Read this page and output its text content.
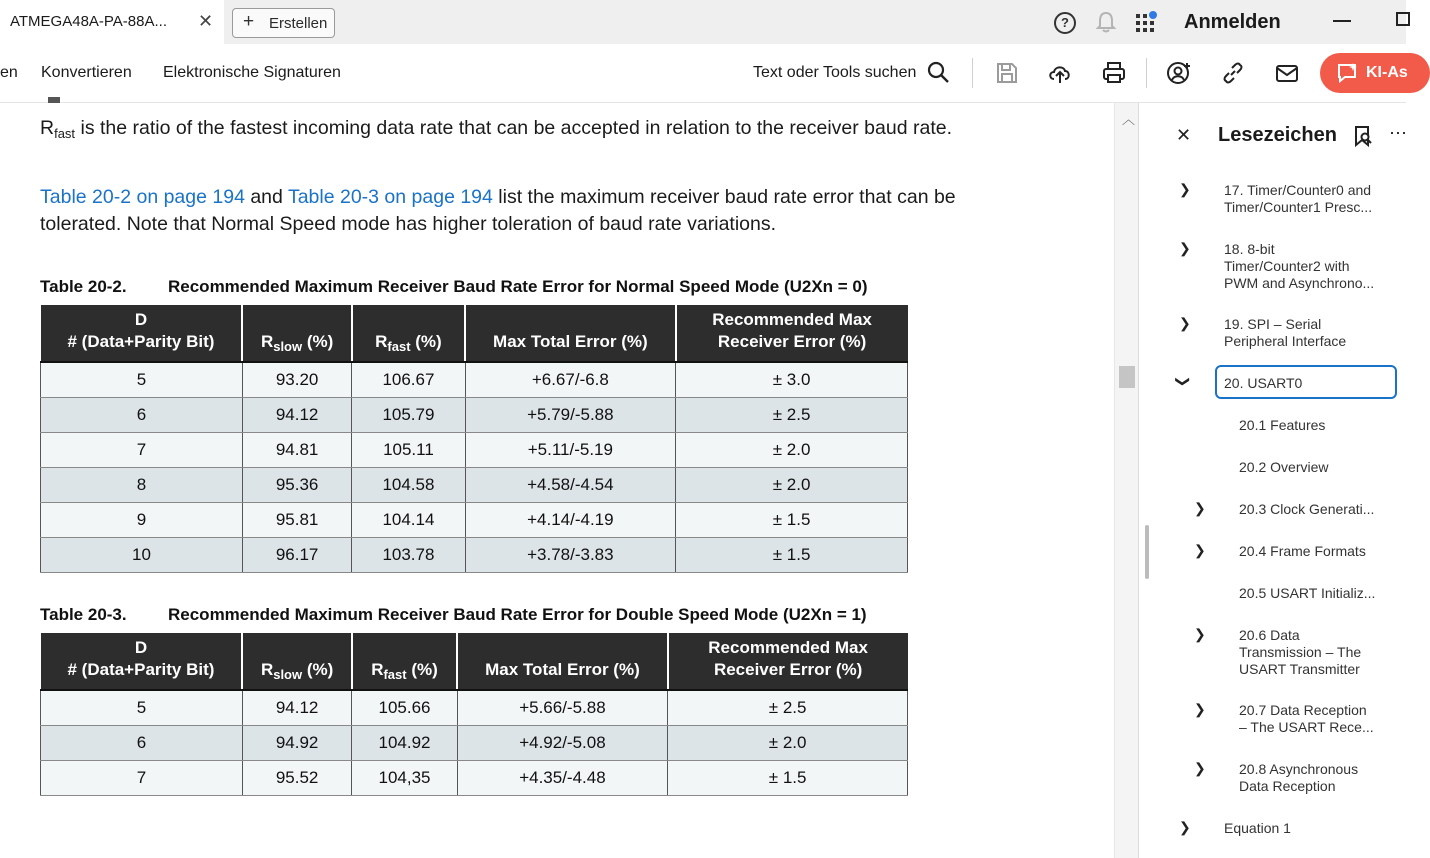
ATMEGA48A-PA-88A... ✕ + Erstellen	?	Anmelden
en Konvertieren Elektronische Signaturen	Text oder Tools suchen	KI-As

$R_{fast}$ is the ratio of the fastest incoming data rate that can be accepted in relation to the receiver baud rate.

Table 20-2 on page 194 and Table 20-3 on page 194 list the maximum receiver baud rate error that can be
tolerated. Note that Normal Speed mode has higher toleration of baud rate variations.

Table 20-2. Recommended Maximum Receiver Baud Rate Error for Normal Speed Mode (U2Xn = 0)
D
# (Data+Parity Bit)	$R_{slow}$ (%)	$R_{fast}$ (%)	Max Total Error (%)	Recommended Max
Receiver Error (%)
5	93.20	106.67	+6.67/-6.8	± 3.0
6	94.12	105.79	+5.79/-5.88	± 2.5
7	94.81	105.11	+5.11/-5.19	± 2.0
8	95.36	104.58	+4.58/-4.54	± 2.0
9	95.81	104.14	+4.14/-4.19	± 1.5
10	96.17	103.78	+3.78/-3.83	± 1.5
Table 20-3. Recommended Maximum Receiver Baud Rate Error for Double Speed Mode (U2Xn = 1)
D
# (Data+Parity Bit)	$R_{slow}$ (%)	$R_{fast}$ (%)	Max Total Error (%)	Recommended Max
Receiver Error (%)
5	94.12	105.66	+5.66/-5.88	± 2.5
6	94.92	104.92	+4.92/-5.08	± 2.0
7	95.52	104,35	+4.35/-4.48	± 1.5
︿
✕ Lesezeichen	⋯
❯ 17. Timer/Counter0 and
Timer/Counter1 Presc...
❯ 18. 8-bit
Timer/Counter2 with
PWM and Asynchrono...
❯ 19. SPI – Serial
Peripheral Interface
❯ 20. USART0
20.1 Features
20.2 Overview
❯ 20.3 Clock Generati...
❯ 20.4 Frame Formats
20.5 USART Initializ...
❯ 20.6 Data
Transmission – The
USART Transmitter
❯ 20.7 Data Reception
– The USART Rece...
❯ 20.8 Asynchronous
Data Reception
❯ Equation 1
